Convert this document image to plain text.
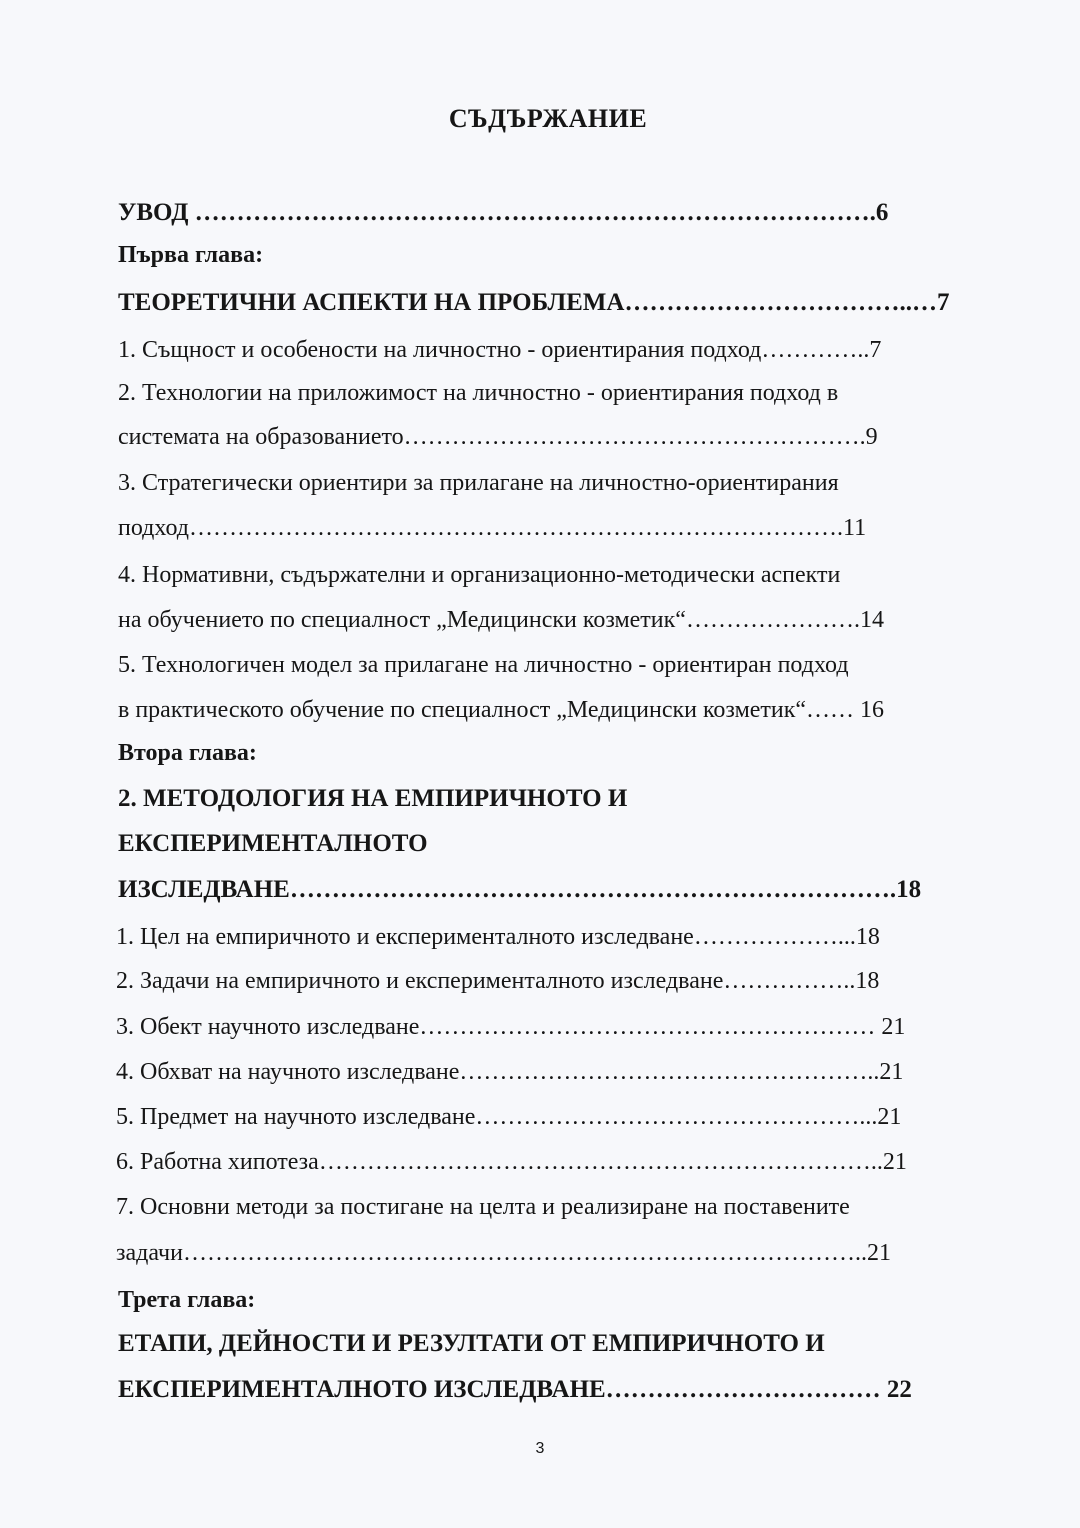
СЪДЪРЖАНИЕ
УВОД ……………………………………………………………………….6
Първа глава:
ТЕОРЕТИЧНИ АСПЕКТИ НА ПРОБЛЕМА……………………………..…7
1. Същност и особености на личностно - ориентирания подход…………..7
2. Технологии на приложимост на личностно - ориентирания подход в
системата на образованието………………………………………………….9
3. Стратегически ориентири за прилагане на личностно-ориентирания
подход……………………………………………………………………….11
4. Нормативни, съдържателни и организационно-методически аспекти
на обучението по специалност „Медицински козметик“………………….14
5. Технологичен модел за прилагане на личностно - ориентиран подход
в практическото обучение по специалност „Медицински козметик“…… 16
Втора глава:
2. МЕТОДОЛОГИЯ НА ЕМПИРИЧНОТО И
ЕКСПЕРИМЕНТАЛНОТО
ИЗСЛЕДВАНЕ……………………………………………………………….18
1. Цел на емпиричното и експерименталното изследване………………...18
2. Задачи на емпиричното и експерименталното изследване……………..18
3. Обект научното изследване………………………………………………… 21
4. Обхват на научното изследване……………………………………………..21
5. Предмет на научното изследване…………………………………………...21
6. Работна хипотеза……………………………………………………………..21
7. Основни методи за постигане на целта и реализиране на поставените
задачи…………………………………………………………………………..21
Трета глава:
ЕТАПИ, ДЕЙНОСТИ И РЕЗУЛТАТИ ОТ ЕМПИРИЧНОТО И
ЕКСПЕРИМЕНТАЛНОТО ИЗСЛЕДВАНЕ…………………………… 22
3
